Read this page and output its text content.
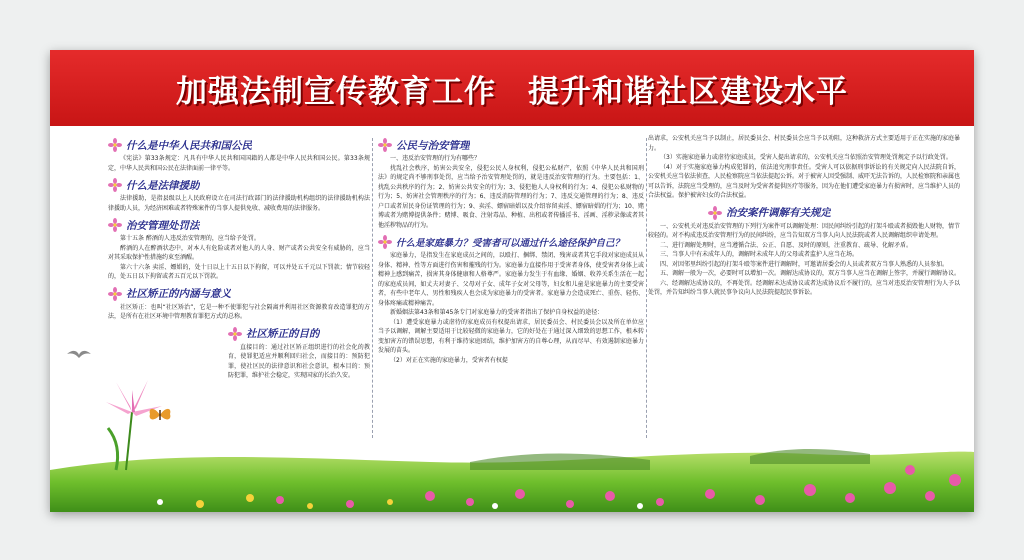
加强法制宣传教育工作　提升和谐社区建设水平
什么是中华人民共和国公民

《宪法》第33条规定：凡具有中华人民共和国国籍的人都是中华人民共和国公民。第33条规定，中华人民共和国公民在法律面前一律平等。

什么是法律援助

法律援助，是指县级以上人民政府设立在司法行政部门的法律援助机构组织的法律援助机构法律援助人员，为经济困难或者特殊案件的当事人提供免收、减收费用的法律服务。

治安管理处罚法

第十五条 醉酒的人违反治安管理的，应当给予处罚。

醉酒的人在醉酒状态中，对本人有危险或者对他人的人身、财产或者公共安全有威胁的，应当对其采取保护性措施约束至酒醒。

第六十六条 卖淫、嫖娼的，处十日以上十五日以下拘留，可以并处五千元以下罚款；情节较轻的，处五日以下拘留或者五百元以下罚款。

社区矫正的内涵与意义

社区矫正：也叫“社区矫治”，它是一种不使罪犯与社会隔离并利用社区资源教育改造罪犯的方法，是所有在社区环境中管理教育罪犯方式的总称。

社区矫正的目的

直接目的：通过社区矫正组织进行的社会化的教育，使罪犯适应并顺利回归社会，而接目的：预防犯罪，使社区民的法律意识和社会意识，根本目的：预防犯罪，维护社会稳定，实现国家的长治久安。

公民与治安管理

一、违反治安管理的行为有哪些？

扰乱社会秩序，妨害公共安全，侵犯公民人身权利，侵犯公私财产，依照《中华人民共和国刑法》的规定尚不够刑事处罚，应当给予治安管理处罚的，就是违反治安管理的行为。主要包括：1、扰乱公共秩序的行为；2、妨害公共安全的行为；3、侵犯他人人身权利的行为；4、侵犯公私财物的行为；5、妨害社会管理秩序的行为；6、违反消防管理的行为；7、违反交通管理的行为；8、违反户口或者居民身份证管理的行为；9、卖淫、嫖宿暗娼以及介绍容留卖淫、嫖宿暗娼的行为；10、赌博或者为赌博提供条件；赌博、吸食、注射毒品、种植、出租或者传播淫书、淫画、淫秽录像或者其他淫秽物品的行为。

什么是家庭暴力？受害者可以通过什么途径保护自己？

家庭暴力，是指发生在家庭成员之间的，以殴打、捆绑、禁闭、残害或者其它手段对家庭成员从身体、精神、性等方面进行伤害和摧残的行为。家庭暴力直接作用于受害者身体，使受害者身体上或精神上感到痛苦，损害其身体健康和人格尊严。家庭暴力发生于有血缘、婚姻、收养关系生活在一起的家庭成员间，如丈夫对妻子、父母对子女、成年子女对父母等，妇女和儿童是家庭暴力的主要受害者，有些中老年人、男性和残疾人也会成为家庭暴力的受害者。家庭暴力会造成死亡、重伤、轻伤、身体疼痛或精神痛苦。

新婚姻法第43条和第45条专门对家庭暴力的受害者指出了保护自身权益的途径：

（1）遭受家庭暴力或虐待的家庭成员有权提出请求，居民委员会、村民委员会以及所在单位应当予以调解，调解主要适用于比较轻微的家庭暴力，它的好处在于通过深入细致的思想工作，根本转变加害方的错误思想，有利于维持家庭团结，维护加害方的自尊心理，从而尽早、有效遏制家庭暴力发展的苗头。

（2）对正在实施的家庭暴力，受害者有权提

出请求，公安机关应当予以制止，居民委员会、村民委员会应当予以劝阻，这种救济方式主要适用于正在实施的家庭暴力。

（3）实施家庭暴力或虐待家庭成员，受害人提出请求的，公安机关应当依照治安管理处罚规定予以行政处罚。

（4）对于实施家庭暴力构成犯罪的，依法追究刑事责任。受害人可以依据刑事诉讼的有关规定向人民法院自诉，公安机关应当依法侦查，人民检察院应当依法提起公诉。对于被害人因受强制、威吓无法告诉的，人民检察院和亲属也可以告诉，法院应当受理的，应当及时为受害者提供医疗等服务，因为在他们遭受家庭暴力有损害时，应当维护人员的合法权益。保护被害妇女的合法权益。

治安案件调解有关规定

一、公安机关对违反治安管理的下列行为案件可以调解处理：因民间纠纷引起的打架斗殴或者损毁他人财物，情节较轻的。对不构成违反治安管理行为的民间纠纷，应当告知双方当事人向人民法院或者人民调解组织申请处理。

二、进行调解处理时，应当遵循合法、公正、自愿、及时的原则，注重教育、疏导、化解矛盾。

三、当事人中有未成年人的，调解时未成年人的父母或者监护人应当在场。

四、对因邻里纠纷引起的打架斗殴等案件进行调解时，可邀请居委会的人员或者双方当事人熟悉的人员参加。

五、调解一般为一次，必要时可以增加一次。调解达成协议的，双方当事人应当在调解上签字，并履行调解协议。

六、经调解达成协议的，不再处罚。经调解未达成协议或者达成协议后不履行的，应当对违反治安管理行为人予以处罚，并告知纠纷当事人就民事争议向人民法院提起民事诉讼。
